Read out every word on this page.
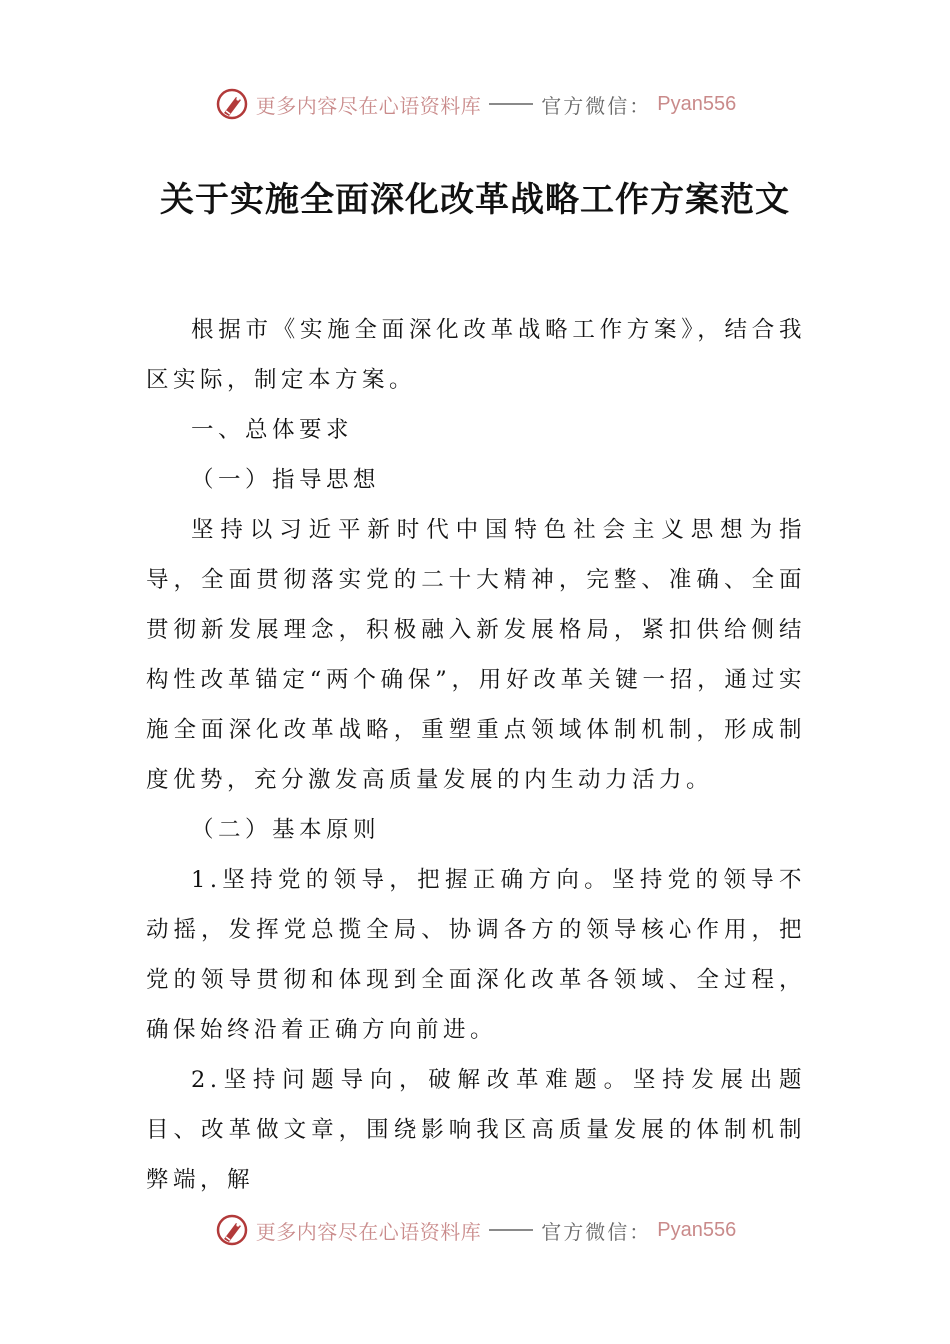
更多内容尽在心语资料库	官方微信： Pyan556
关于实施全面深化改革战略工作方案范文

根据市《实施全面深化改革战略工作方案》，结合我区实际，制定本方案。

一、总体要求

（一）指导思想

坚持以习近平新时代中国特色社会主义思想为指导，全面贯彻落实党的二十大精神，完整、准确、全面贯彻新发展理念，积极融入新发展格局，紧扣供给侧结构性改革锚定“两个确保”，用好改革关键一招，通过实施全面深化改革战略，重塑重点领域体制机制，形成制度优势，充分激发高质量发展的内生动力活力。

（二）基本原则

1.坚持党的领导，把握正确方向。坚持党的领导不动摇，发挥党总揽全局、协调各方的领导核心作用，把党的领导贯彻和体现到全面深化改革各领域、全过程，确保始终沿着正确方向前进。

2.坚持问题导向，破解改革难题。坚持发展出题目、改革做文章，围绕影响我区高质量发展的体制机制弊端，解

更多内容尽在心语资料库	官方微信： Pyan556
